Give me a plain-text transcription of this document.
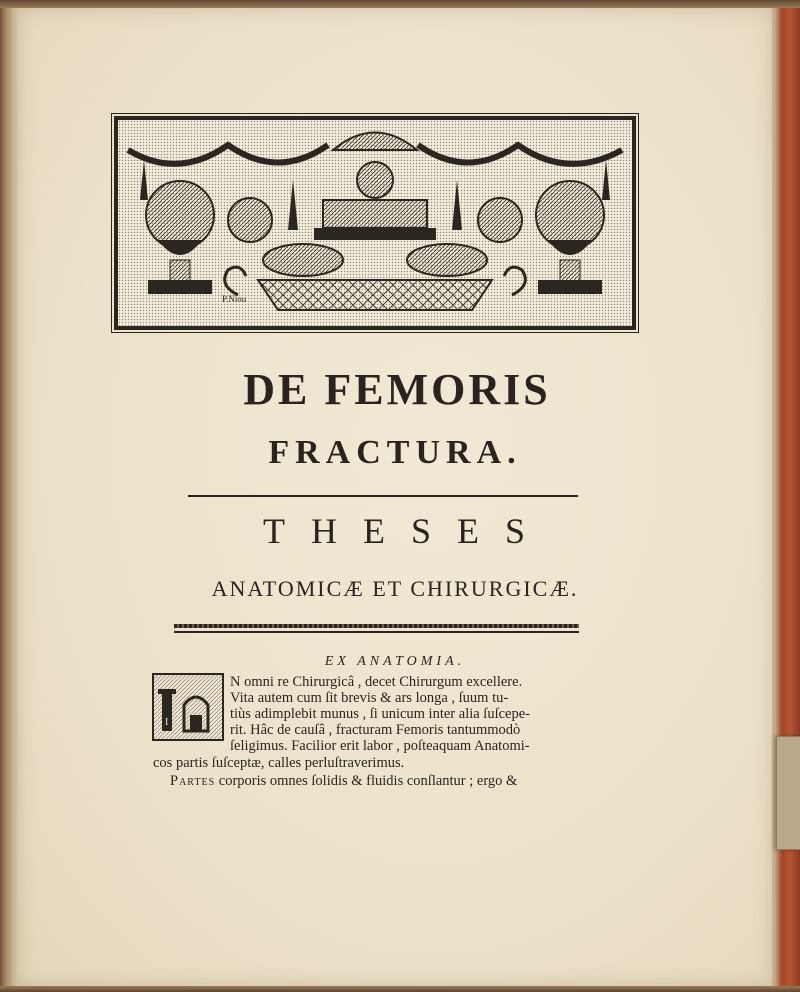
P.Niou
DE FEMORIS
FRACTURA.
THESES
ANATOMICÆ ET CHIRURGICÆ.

EX ANATOMIA.

I

N omni re Chirurgicâ , decet Chirurgum excellere.

Vita autem cum ſit brevis & ars longa , ſuum tu-

tiùs adimplebit munus , ſi unicum inter alia ſuſcepe-

rit. Hâc de cauſâ , fracturam Femoris tantummodò

ſeligimus. Facilior erit labor , poſteaquam Anatomi-

cos partis ſuſceptæ, calles perluſtraverimus.

Partes corporis omnes ſolidis & fluidis conſlantur ; ergo &
